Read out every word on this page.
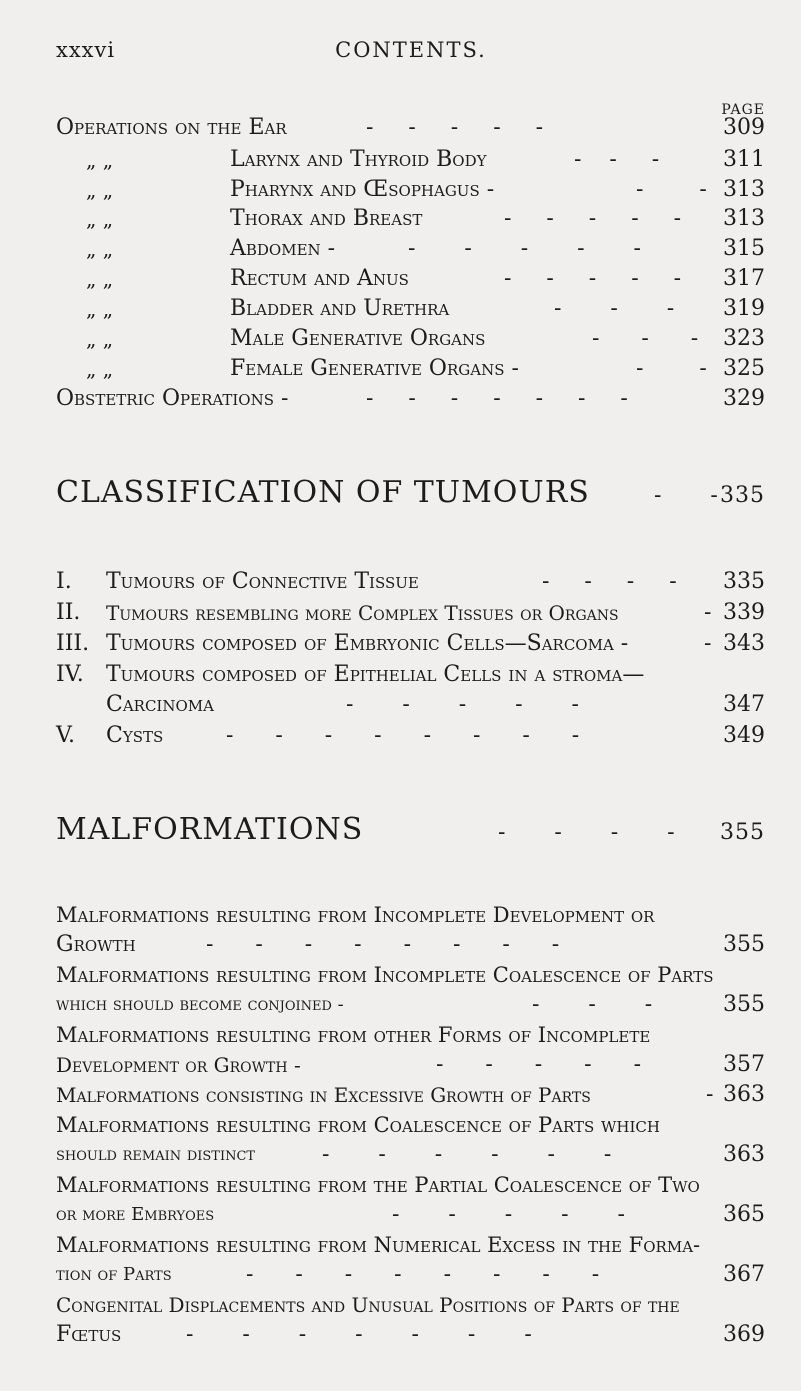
xxxvi	CONTENTS.
PAGE
Operations on the Ear	-     -     -     -     -	309
„ „	Larynx and Thyroid Body	-    -     -	311
„ „	Pharynx and Œsophagus -	-        - 313
„ „	Thorax and Breast	-     -     -     -     - 313
„ „	Abdomen -	-       -       -       -       -	315
„ „	Rectum and Anus	-     -     -     -     - 317
„ „	Bladder and Urethra	-       -       - 319
„ „	Male Generative Organs	-      -      - 323
„ „	Female Generative Organs -	-        - 325
Obstetric Operations -	-     -     -     -     -     -     -	329
CLASSIFICATION OF TUMOURS	-      - 335
I. Tumours of Connective Tissue	-     -     -     - 335
II. Tumours resembling more Complex Tissues or Organs	- 339
III. Tumours composed of Embryonic Cells—Sarcoma -	- 343
IV. Tumours composed of Epithelial Cells in a stroma—
Carcinoma	-       -       -       -       -	347
V. Cysts	-      -      -      -      -      -      -      -	349
MALFORMATIONS	-      -      -      - 355
Malformations resulting from Incomplete Development or
Growth	-      -      -      -      -      -      -      -	355
Malformations resulting from Incomplete Coalescence of Parts
which should become conjoined -	-       -       -	355
Malformations resulting from other Forms of Incomplete
Development or Growth -	-      -      -      -      -	357
Malformations consisting in Excessive Growth of Parts	- 363
Malformations resulting from Coalescence of Parts which
should remain distinct	-       -       -       -       -       -	363
Malformations resulting from the Partial Coalescence of Two
or more Embryoes	-       -       -       -       -	365
Malformations resulting from Numerical Excess in the Forma-
tion of Parts	-      -      -      -      -      -      -      -	367
Congenital Displacements and Unusual Positions of Parts of the
Fœtus	-       -       -       -       -       -       -	369
